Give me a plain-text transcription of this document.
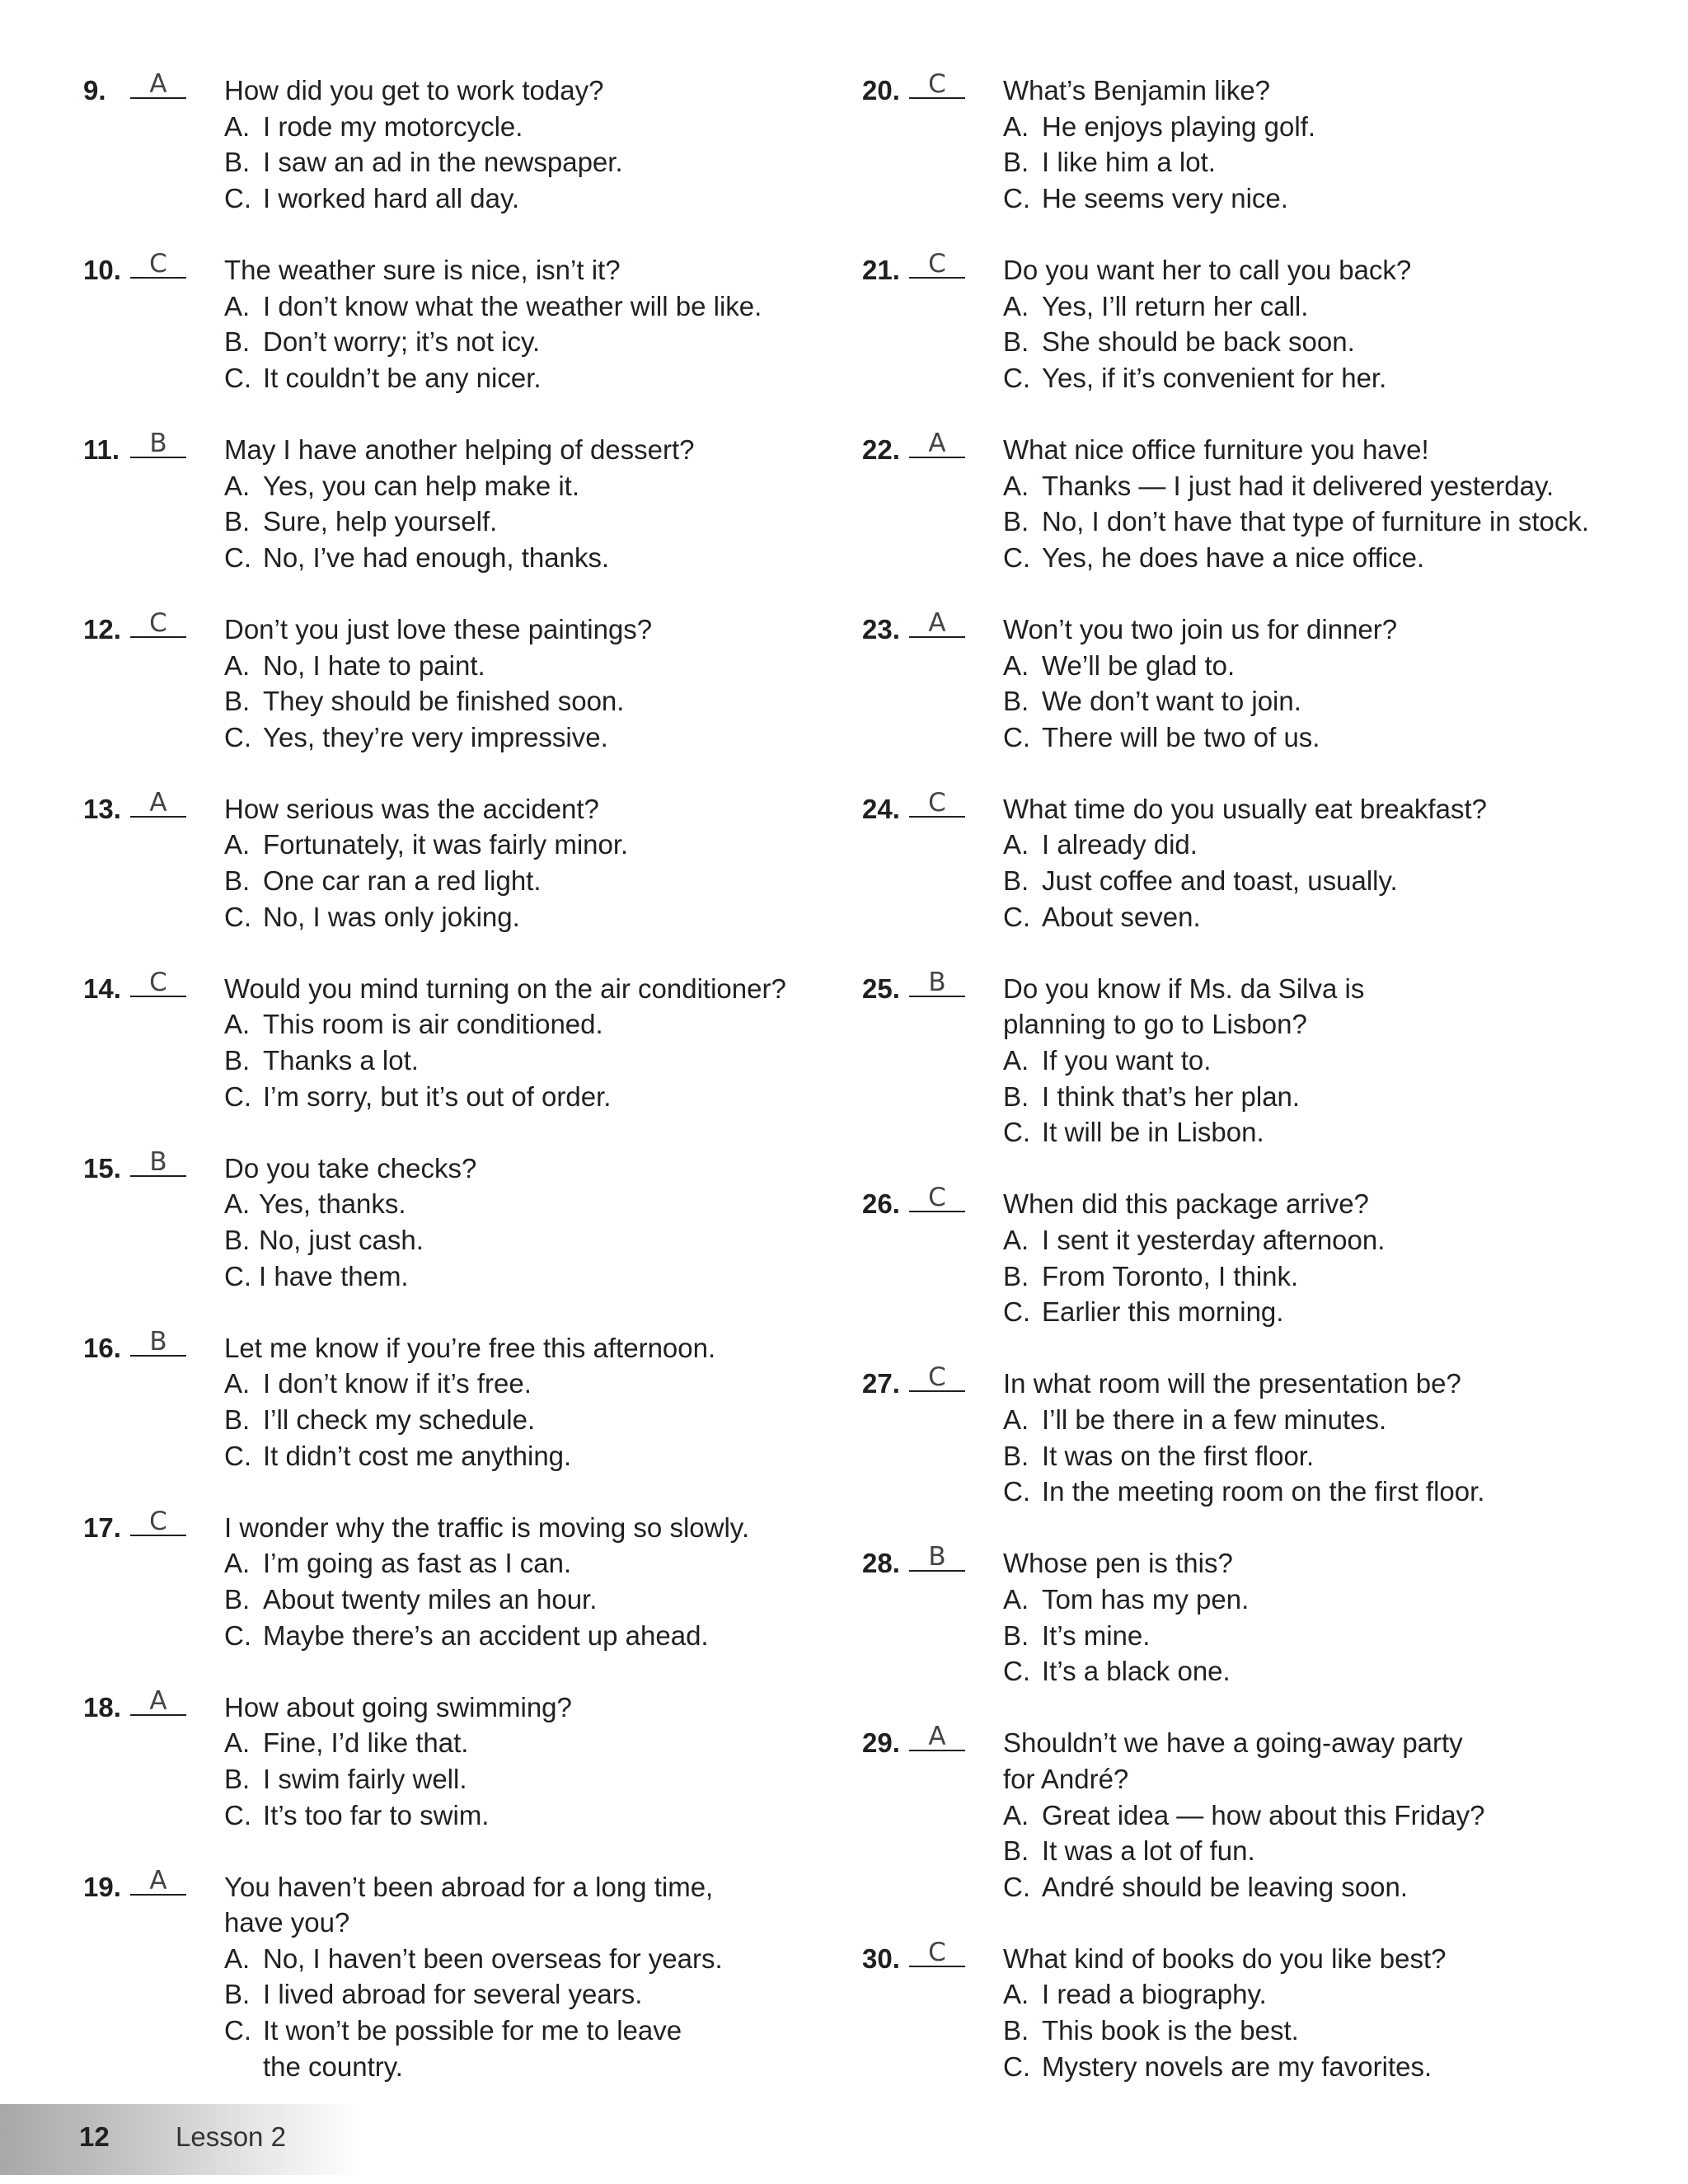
9.	A	How did you get to work today?
A. I rode my motorcycle.
B. I saw an ad in the newspaper.
C. I worked hard all day.
10.	C	The weather sure is nice, isn’t it?
A. I don’t know what the weather will be like.
B. Don’t worry; it’s not icy.
C. It couldn’t be any nicer.
11.	B	May I have another helping of dessert?
A. Yes, you can help make it.
B. Sure, help yourself.
C. No, I’ve had enough, thanks.
12.	C	Don’t you just love these paintings?
A. No, I hate to paint.
B. They should be finished soon.
C. Yes, they’re very impressive.
13.	A	How serious was the accident?
A. Fortunately, it was fairly minor.
B. One car ran a red light.
C. No, I was only joking.
14.	C	Would you mind turning on the air conditioner?
A. This room is air conditioned.
B. Thanks a lot.
C. I’m sorry, but it’s out of order.
15.	B	Do you take checks?
A. Yes, thanks.
B. No, just cash.
C. I have them.
16.	B	Let me know if you’re free this afternoon.
A. I don’t know if it’s free.
B. I’ll check my schedule.
C. It didn’t cost me anything.
17.	C	I wonder why the traffic is moving so slowly.
A. I’m going as fast as I can.
B. About twenty miles an hour.
C. Maybe there’s an accident up ahead.
18.	A	How about going swimming?
A. Fine, I’d like that.
B. I swim fairly well.
C. It’s too far to swim.
19.	A	You haven’t been abroad for a long time,
have you?
A. No, I haven’t been overseas for years.
B. I lived abroad for several years.
C. It won’t be possible for me to leave
the country.
20.	C	What’s Benjamin like?
A. He enjoys playing golf.
B. I like him a lot.
C. He seems very nice.
21.	C	Do you want her to call you back?
A. Yes, I’ll return her call.
B. She should be back soon.
C. Yes, if it’s convenient for her.
22.	A	What nice office furniture you have!
A. Thanks — I just had it delivered yesterday.
B. No, I don’t have that type of furniture in stock.
C. Yes, he does have a nice office.
23.	A	Won’t you two join us for dinner?
A. We’ll be glad to.
B. We don’t want to join.
C. There will be two of us.
24.	C	What time do you usually eat breakfast?
A. I already did.
B. Just coffee and toast, usually.
C. About seven.
25.	B	Do you know if Ms. da Silva is
planning to go to Lisbon?
A. If you want to.
B. I think that’s her plan.
C. It will be in Lisbon.
26.	C	When did this package arrive?
A. I sent it yesterday afternoon.
B. From Toronto, I think.
C. Earlier this morning.
27.	C	In what room will the presentation be?
A. I’ll be there in a few minutes.
B. It was on the first floor.
C. In the meeting room on the first floor.
28.	B	Whose pen is this?
A. Tom has my pen.
B. It’s mine.
C. It’s a black one.
29.	A	Shouldn’t we have a going-away party
for André?
A. Great idea — how about this Friday?
B. It was a lot of fun.
C. André should be leaving soon.
30.	C	What kind of books do you like best?
A. I read a biography.
B. This book is the best.
C. Mystery novels are my favorites.
12 Lesson 2
